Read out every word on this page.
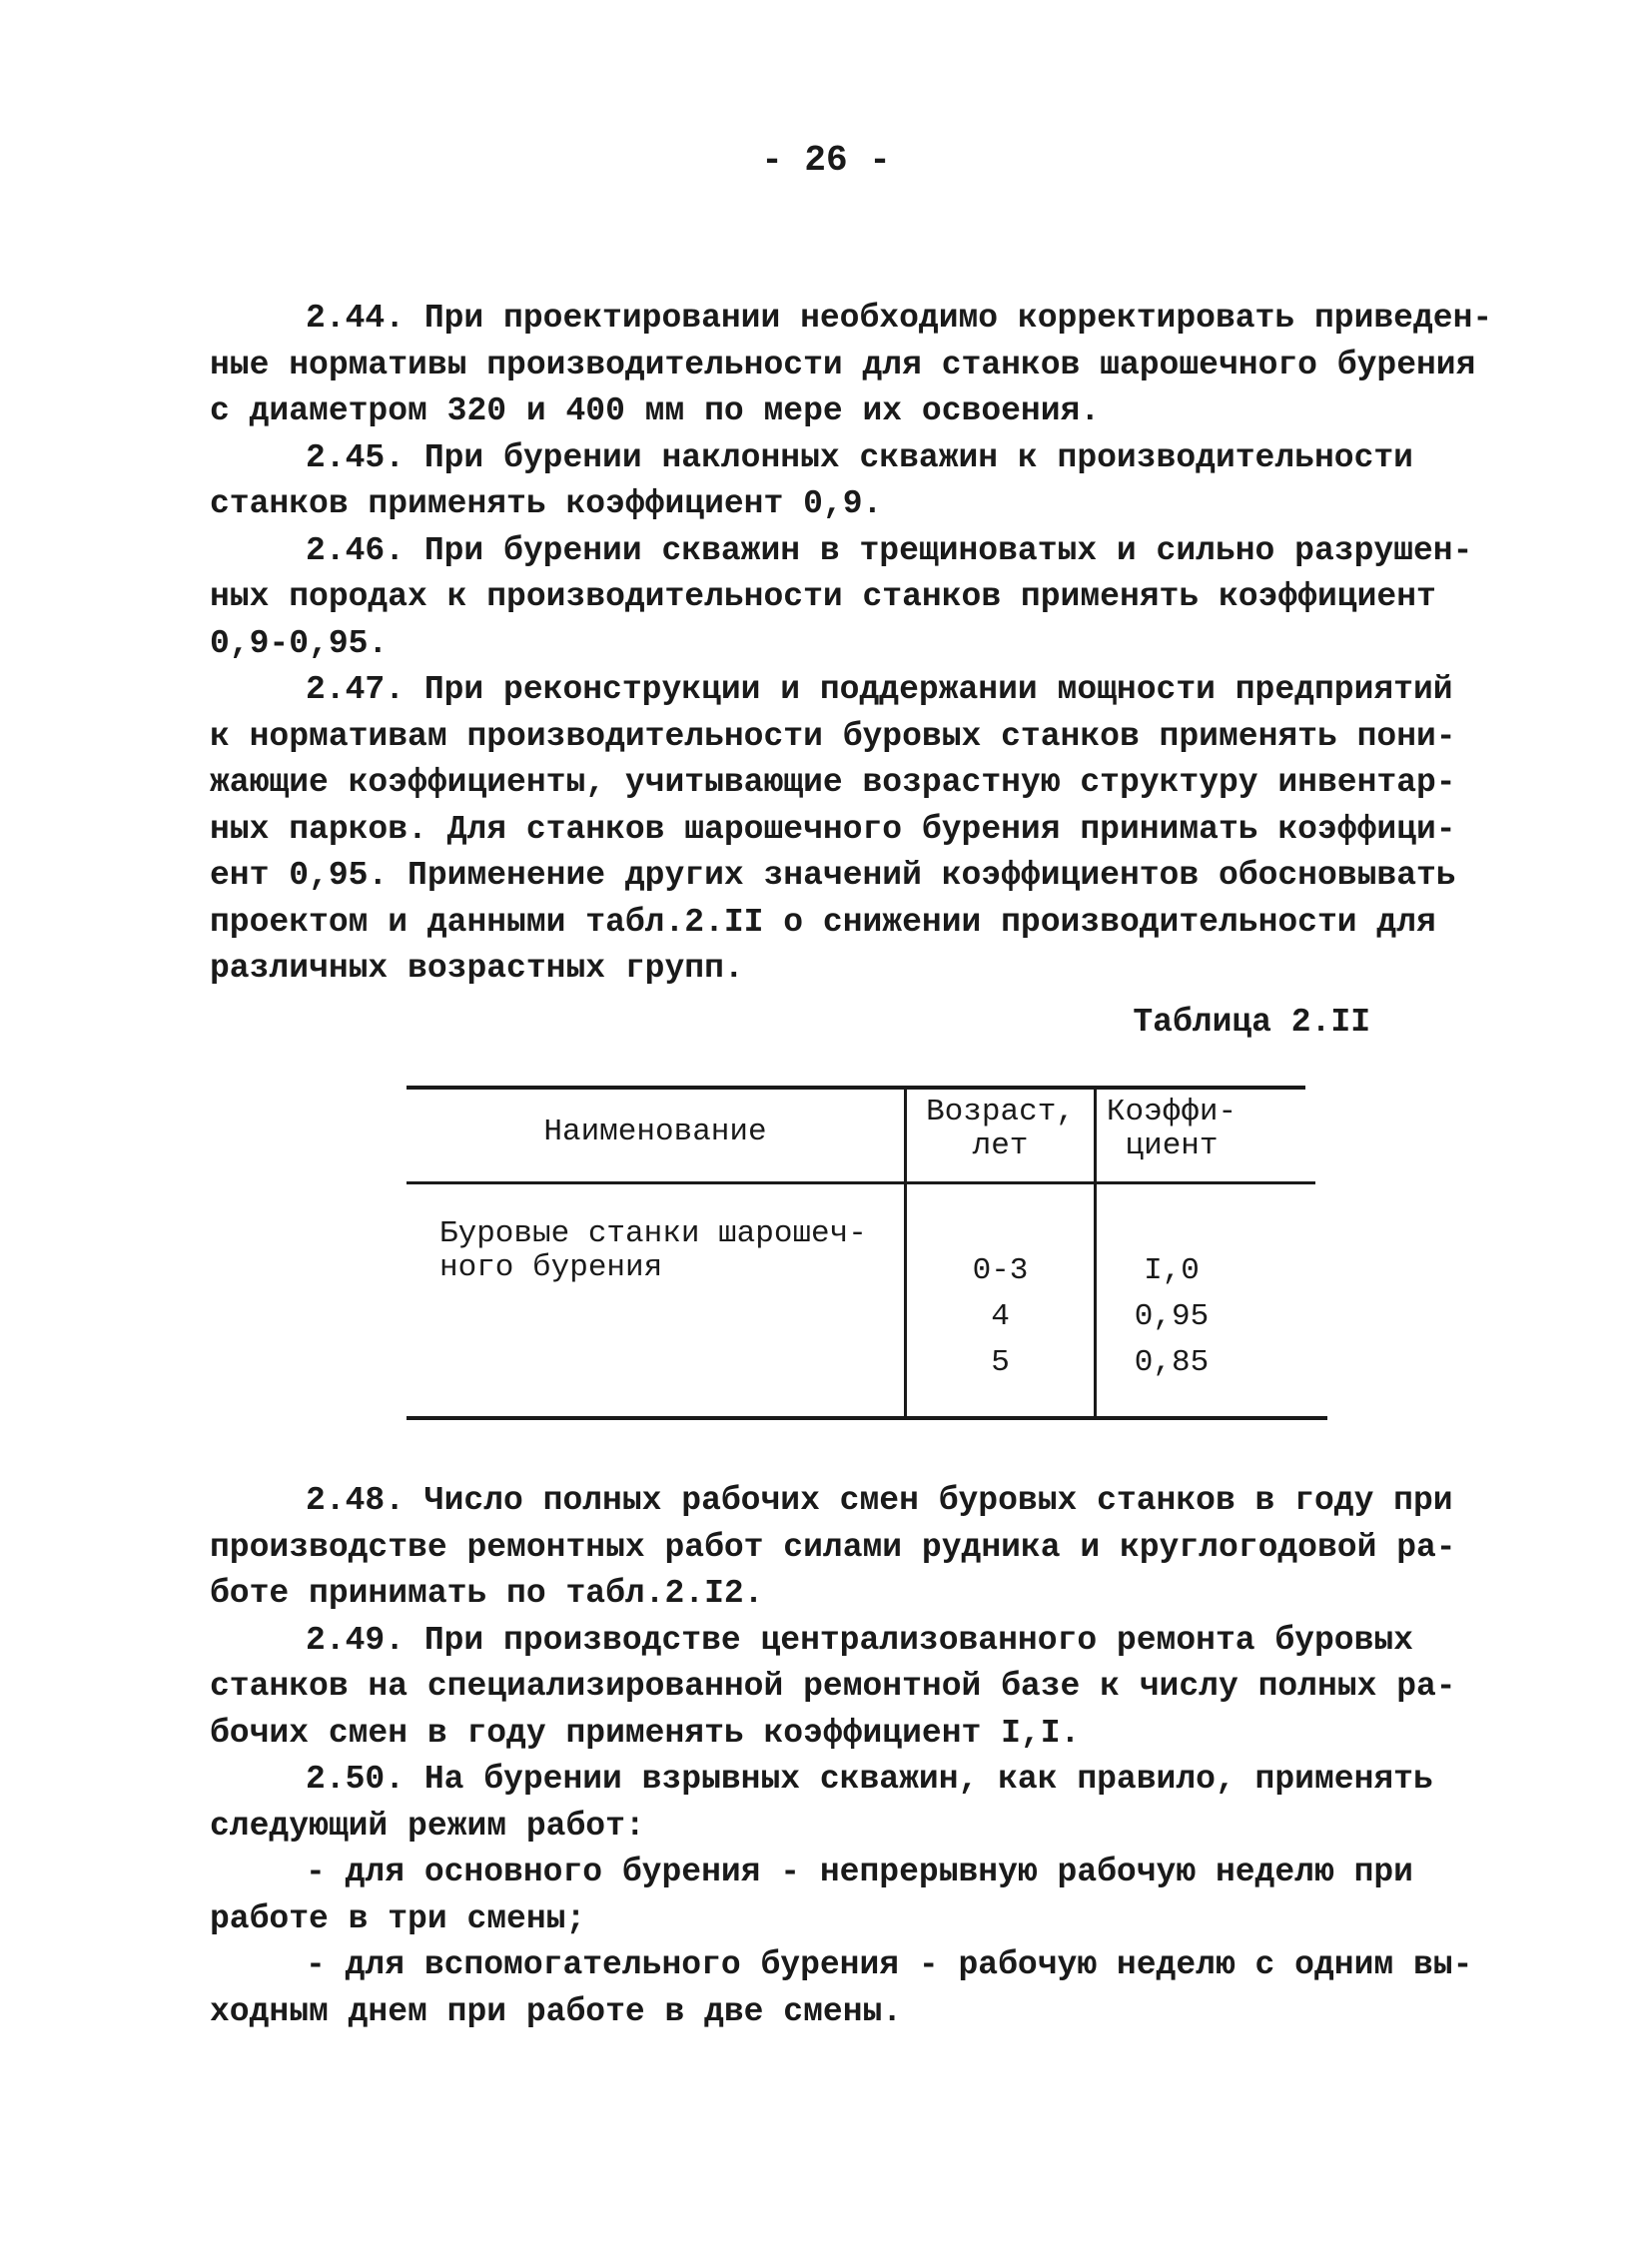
- 26 -

2.44. При проектировании необходимо корректировать приведен-
ные нормативы производительности для станков шарошечного бурения
с диаметром 320 и 400 мм по мере их освоения.

2.45. При бурении наклонных скважин к производительности
станков применять коэффициент 0,9.

2.46. При бурении скважин в трещиноватых и сильно разрушен-
ных породах к производительности станков применять коэффициент
0,9-0,95.

2.47. При реконструкции и поддержании мощности предприятий
к нормативам производительности буровых станков применять пони-
жающие коэффициенты, учитывающие возрастную структуру инвентар-
ных парков. Для станков шарошечного бурения принимать коэффици-
ент 0,95. Применение других значений коэффициентов обосновывать
проектом и данными табл.2.II о снижении производительности для
различных возрастных групп.

Таблица 2.II
Наименование
Возраст,
лет
Коэффи-
циент
Буровые станки шарошеч-
ного бурения	0-3
4
5
I,0
0,95
0,85

2.48. Число полных рабочих смен буровых станков в году при
производстве ремонтных работ силами рудника и круглогодовой ра-
боте принимать по табл.2.I2.

2.49. При производстве централизованного ремонта буровых
станков на специализированной ремонтной базе к числу полных ра-
бочих смен в году применять коэффициент I,I.

2.50. На бурении взрывных скважин, как правило, применять
следующий режим работ:

- для основного бурения - непрерывную рабочую неделю при
работе в три смены;

- для вспомогательного бурения - рабочую неделю с одним вы-
ходным днем при работе в две смены.
